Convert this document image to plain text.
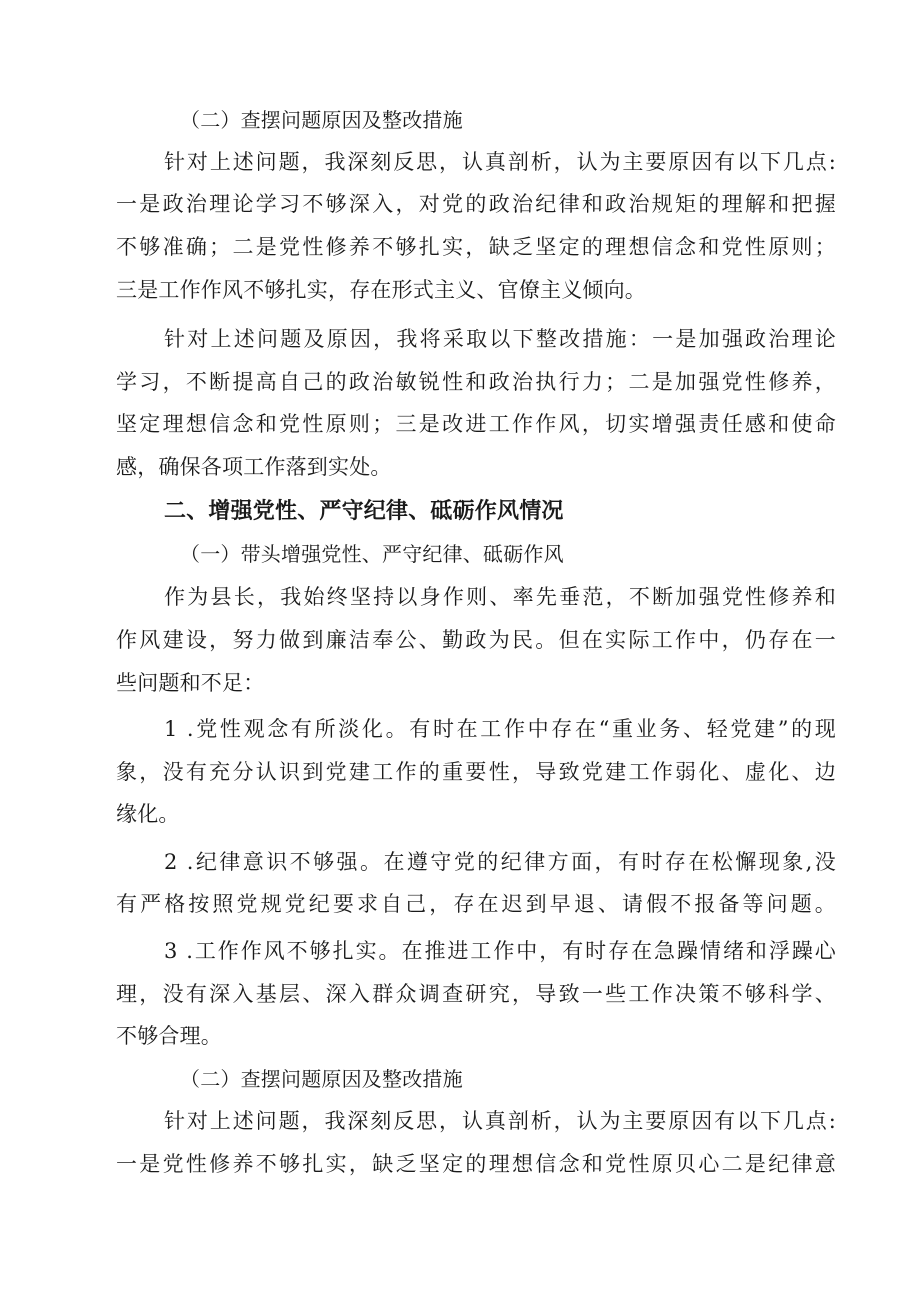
（二）查摆问题原因及整改措施
针对上述问题，我深刻反思，认真剖析，认为主要原因有以下几点:
一是政治理论学习不够深入，对党的政治纪律和政治规矩的理解和把握
不够准确；二是党性修养不够扎实，缺乏坚定的理想信念和党性原则；
三是工作作风不够扎实，存在形式主义、官僚主义倾向。
针对上述问题及原因，我将采取以下整改措施：一是加强政治理论
学习，不断提高自己的政治敏锐性和政治执行力；二是加强党性修养，
坚定理想信念和党性原则；三是改进工作作风，切实增强责任感和使命
感，确保各项工作落到实处。
二、增强党性、严守纪律、砥砺作风情况
（一）带头增强党性、严守纪律、砥砺作风
作为县长，我始终坚持以身作则、率先垂范，不断加强党性修养和
作风建设，努力做到廉洁奉公、勤政为民。但在实际工作中，仍存在一
些问题和不足：
1 .党性观念有所淡化。有时在工作中存在“重业务、轻党建”的现
象，没有充分认识到党建工作的重要性，导致党建工作弱化、虚化、边
缘化。
2 .纪律意识不够强。在遵守党的纪律方面，有时存在松懈现象,没
有严格按照党规党纪要求自己，存在迟到早退、请假不报备等问题。
3 .工作作风不够扎实。在推进工作中，有时存在急躁情绪和浮躁心
理，没有深入基层、深入群众调查研究，导致一些工作决策不够科学、
不够合理。
（二）查摆问题原因及整改措施
针对上述问题，我深刻反思，认真剖析，认为主要原因有以下几点:
一是党性修养不够扎实，缺乏坚定的理想信念和党性原贝心二是纪律意
